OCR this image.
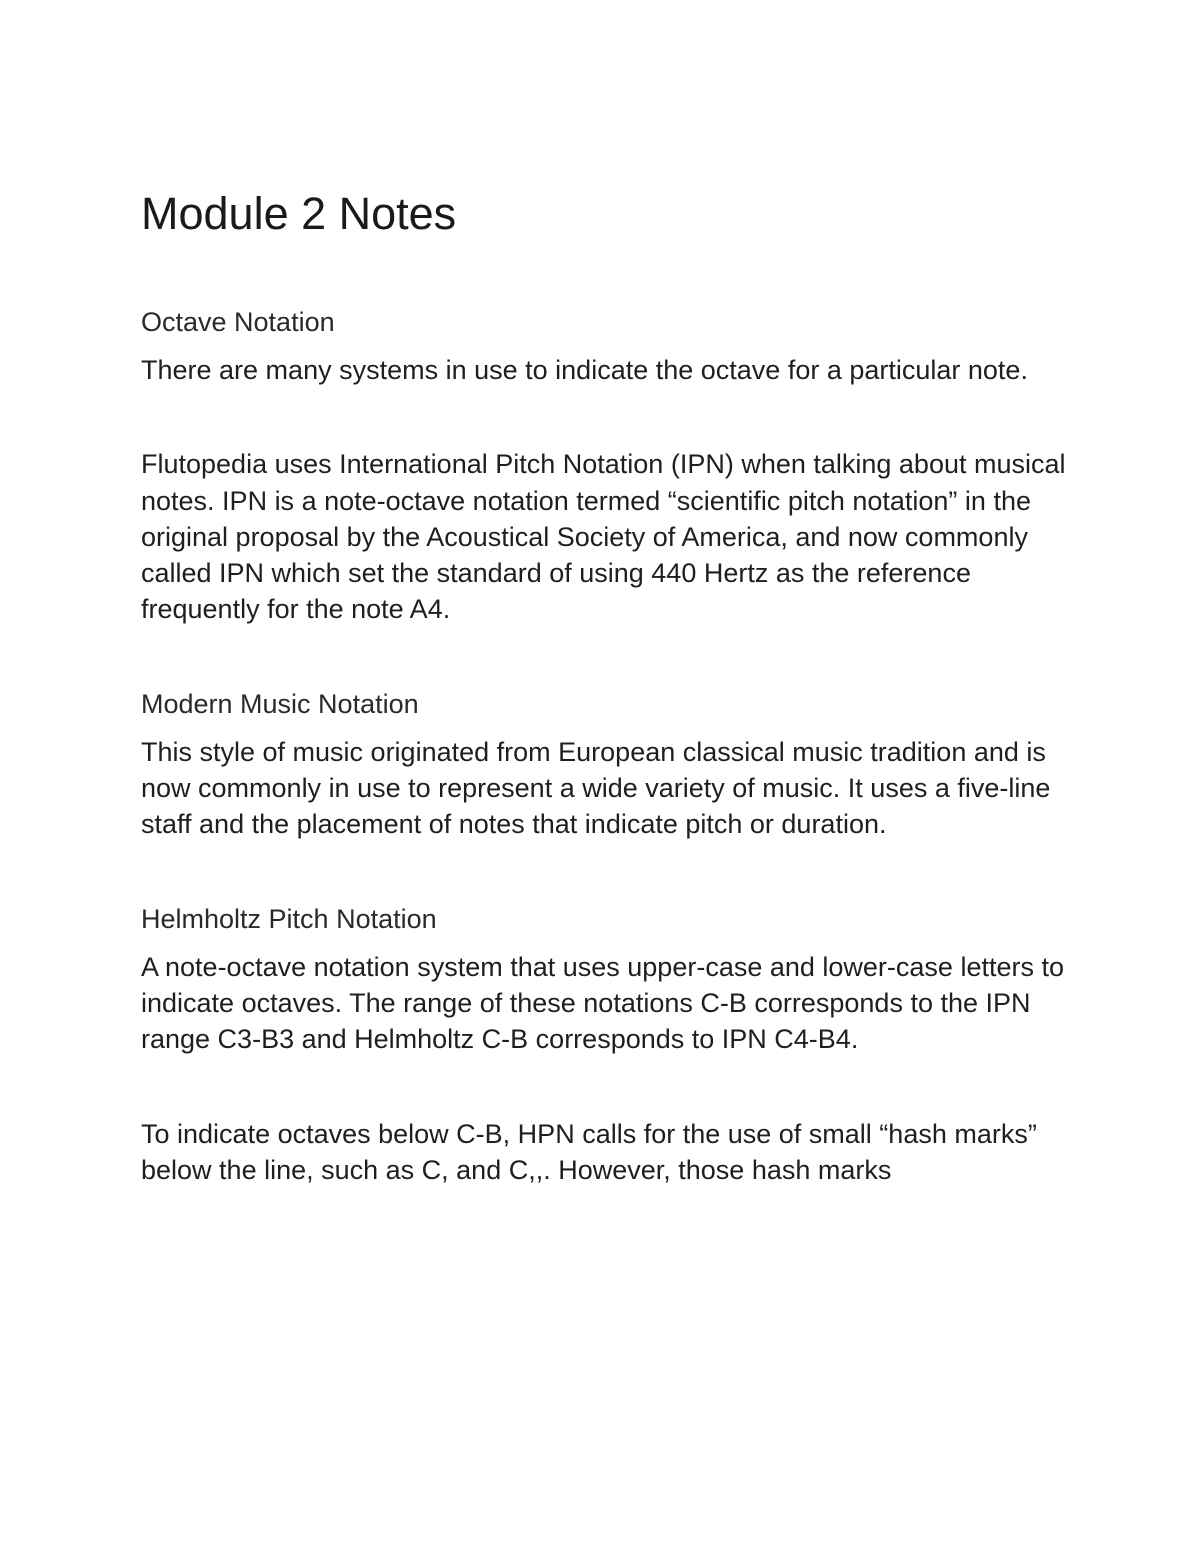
Module 2 Notes
Octave Notation

There are many systems in use to indicate the octave for a particular note.

Flutopedia uses International Pitch Notation (IPN) when talking about musical notes. IPN is a note-octave notation termed “scientific pitch notation” in the original proposal by the Acoustical Society of America, and now commonly called IPN which set the standard of using 440 Hertz as the reference frequently for the note A4.

Modern Music Notation

This style of music originated from European classical music tradition and is now commonly in use to represent a wide variety of music. It uses a five-line staff and the placement of notes that indicate pitch or duration.

Helmholtz Pitch Notation

A note-octave notation system that uses upper-case and lower-case letters to indicate octaves. The range of these notations C-B corresponds to the IPN range C3-B3 and Helmholtz C-B corresponds to IPN C4-B4.

To indicate octaves below C-B, HPN calls for the use of small “hash marks” below the line, such as C, and C,,. However, those hash marks
